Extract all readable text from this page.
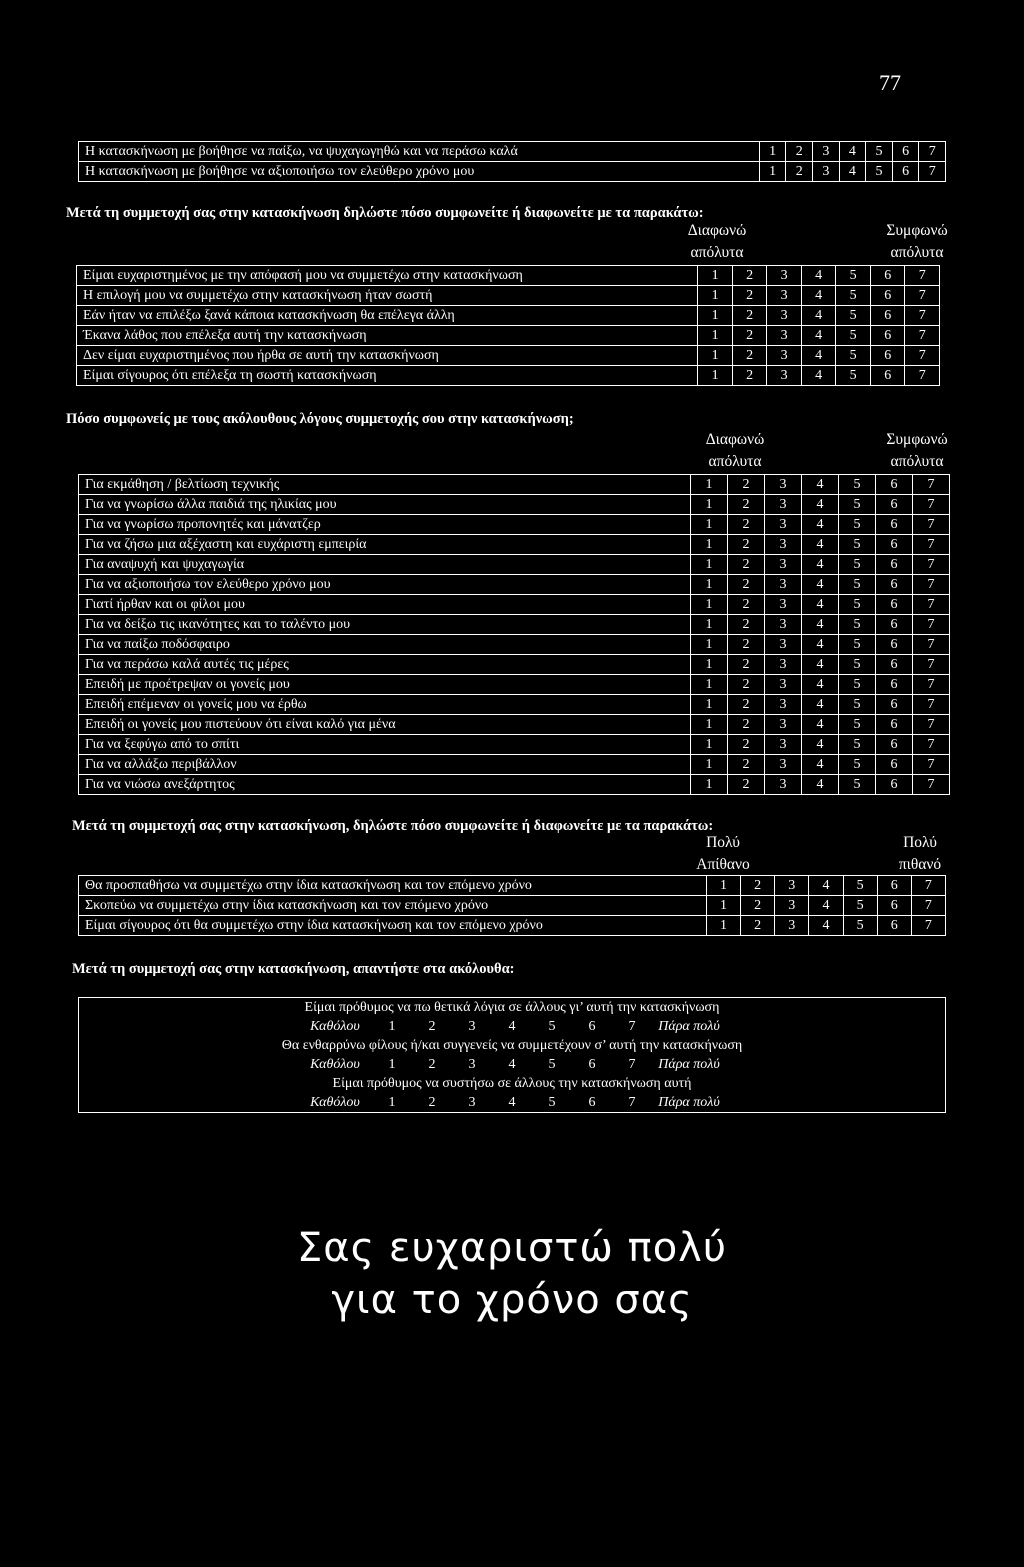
77
Η κατασκήνωση με βοήθησε να παίξω, να ψυχαγωγηθώ και να περάσω καλά	1	2	3	4	5	6	7
Η κατασκήνωση με βοήθησε να αξιοποιήσω τον ελεύθερο χρόνο μου	1	2	3	4	5	6	7
Μετά τη συμμετοχή σας στην κατασκήνωση δηλώστε πόσο συμφωνείτε ή διαφωνείτε με τα παρακάτω:
Διαφωνώ
απόλυτα
Συμφωνώ
απόλυτα
Είμαι ευχαριστημένος με την απόφασή μου να συμμετέχω στην κατασκήνωση	1	2	3	4	5	6	7
Η επιλογή μου να συμμετέχω στην κατασκήνωση ήταν σωστή	1	2	3	4	5	6	7
Εάν ήταν να επιλέξω ξανά κάποια κατασκήνωση θα επέλεγα άλλη	1	2	3	4	5	6	7
Έκανα λάθος που επέλεξα αυτή την κατασκήνωση	1	2	3	4	5	6	7
Δεν είμαι ευχαριστημένος που ήρθα σε αυτή την κατασκήνωση	1	2	3	4	5	6	7
Είμαι σίγουρος ότι επέλεξα τη σωστή κατασκήνωση	1	2	3	4	5	6	7
Πόσο συμφωνείς με τους ακόλουθους λόγους συμμετοχής σου στην κατασκήνωση;
Διαφωνώ
απόλυτα
Συμφωνώ
απόλυτα
Για εκμάθηση / βελτίωση τεχνικής	1	2	3	4	5	6	7
Για να γνωρίσω άλλα παιδιά της ηλικίας μου	1	2	3	4	5	6	7
Για να γνωρίσω προπονητές και μάνατζερ	1	2	3	4	5	6	7
Για να ζήσω μια αξέχαστη και ευχάριστη εμπειρία	1	2	3	4	5	6	7
Για αναψυχή και ψυχαγωγία	1	2	3	4	5	6	7
Για να αξιοποιήσω τον ελεύθερο χρόνο μου	1	2	3	4	5	6	7
Γιατί ήρθαν και οι φίλοι μου	1	2	3	4	5	6	7
Για να δείξω τις ικανότητες και το ταλέντο μου	1	2	3	4	5	6	7
Για να παίξω ποδόσφαιρο	1	2	3	4	5	6	7
Για να περάσω καλά αυτές τις μέρες	1	2	3	4	5	6	7
Επειδή με προέτρεψαν οι γονείς μου	1	2	3	4	5	6	7
Επειδή επέμεναν οι γονείς μου να έρθω	1	2	3	4	5	6	7
Επειδή οι γονείς μου πιστεύουν ότι είναι καλό για μένα	1	2	3	4	5	6	7
Για να ξεφύγω από το σπίτι	1	2	3	4	5	6	7
Για να αλλάξω περιβάλλον	1	2	3	4	5	6	7
Για να νιώσω ανεξάρτητος	1	2	3	4	5	6	7
Μετά τη συμμετοχή σας στην κατασκήνωση, δηλώστε πόσο συμφωνείτε ή διαφωνείτε με τα παρακάτω:
Πολύ
Απίθανο
Πολύ
πιθανό
Θα προσπαθήσω να συμμετέχω στην ίδια κατασκήνωση και τον επόμενο χρόνο	1	2	3	4	5	6	7
Σκοπεύω να συμμετέχω στην ίδια κατασκήνωση και τον επόμενο χρόνο	1	2	3	4	5	6	7
Είμαι σίγουρος ότι θα συμμετέχω στην ίδια κατασκήνωση και τον επόμενο χρόνο	1	2	3	4	5	6	7
Μετά τη συμμετοχή σας στην κατασκήνωση, απαντήστε στα ακόλουθα:
Είμαι πρόθυμος να πω θετικά λόγια σε άλλους γι’ αυτή την κατασκήνωση
Καθόλου	1	2	3	4	5	6	7	Πάρα πολύ
Θα ενθαρρύνω φίλους ή/και συγγενείς να συμμετέχουν σ’ αυτή την κατασκήνωση
Καθόλου	1	2	3	4	5	6	7	Πάρα πολύ
Είμαι πρόθυμος να συστήσω σε άλλους την κατασκήνωση αυτή
Καθόλου	1	2	3	4	5	6	7	Πάρα πολύ
Σας ευχαριστώ πολύ
για το χρόνο σας
